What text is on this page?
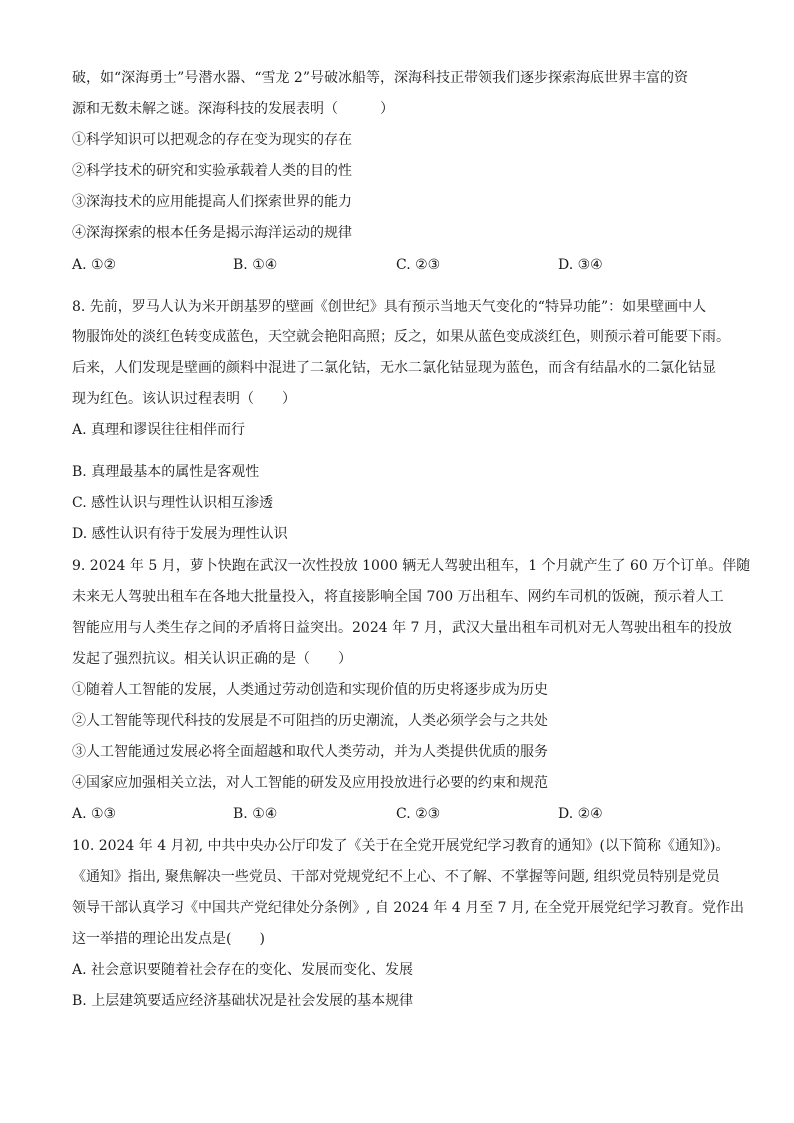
破，如“深海勇士”号潜水器、“雪龙 2”号破冰船等，深海科技正带领我们逐步探索海底世界丰富的资
源和无数未解之谜。深海科技的发展表明（　　　）
①科学知识可以把观念的存在变为现实的存在
②科学技术的研究和实验承载着人类的目的性
③深海技术的应用能提高人们探索世界的能力
④深海探索的根本任务是揭示海洋运动的规律
A. ①②	B. ①④	C. ②③	D. ③④
8. 先前，罗马人认为米开朗基罗的壁画《创世纪》具有预示当地天气变化的“特异功能”：如果壁画中人
物服饰处的淡红色转变成蓝色，天空就会艳阳高照；反之，如果从蓝色变成淡红色，则预示着可能要下雨。
后来，人们发现是壁画的颜料中混进了二氯化钴，无水二氯化钴显现为蓝色，而含有结晶水的二氯化钴显
现为红色。该认识过程表明（　　）
A. 真理和谬误往往相伴而行
B. 真理最基本的属性是客观性
C. 感性认识与理性认识相互渗透
D. 感性认识有待于发展为理性认识
9. 2024 年 5 月，萝卜快跑在武汉一次性投放 1000 辆无人驾驶出租车，1 个月就产生了 60 万个订单。伴随
未来无人驾驶出租车在各地大批量投入，将直接影响全国 700 万出租车、网约车司机的饭碗，预示着人工
智能应用与人类生存之间的矛盾将日益突出。2024 年 7 月，武汉大量出租车司机对无人驾驶出租车的投放
发起了强烈抗议。相关认识正确的是（　　）
①随着人工智能的发展，人类通过劳动创造和实现价值的历史将逐步成为历史
②人工智能等现代科技的发展是不可阻挡的历史潮流，人类必须学会与之共处
③人工智能通过发展必将全面超越和取代人类劳动，并为人类提供优质的服务
④国家应加强相关立法，对人工智能的研发及应用投放进行必要的约束和规范
A. ①③	B. ①④	C. ②③	D. ②④
10. 2024 年 4 月初, 中共中央办公厅印发了《关于在全党开展党纪学习教育的通知》(以下简称《通知》)。
《通知》指出, 聚焦解决一些党员、干部对党规党纪不上心、不了解、不掌握等问题, 组织党员特别是党员
领导干部认真学习《中国共产党纪律处分条例》, 自 2024 年 4 月至 7 月, 在全党开展党纪学习教育。党作出
这一举措的理论出发点是(　　)
A. 社会意识要随着社会存在的变化、发展而变化、发展
B. 上层建筑要适应经济基础状况是社会发展的基本规律
